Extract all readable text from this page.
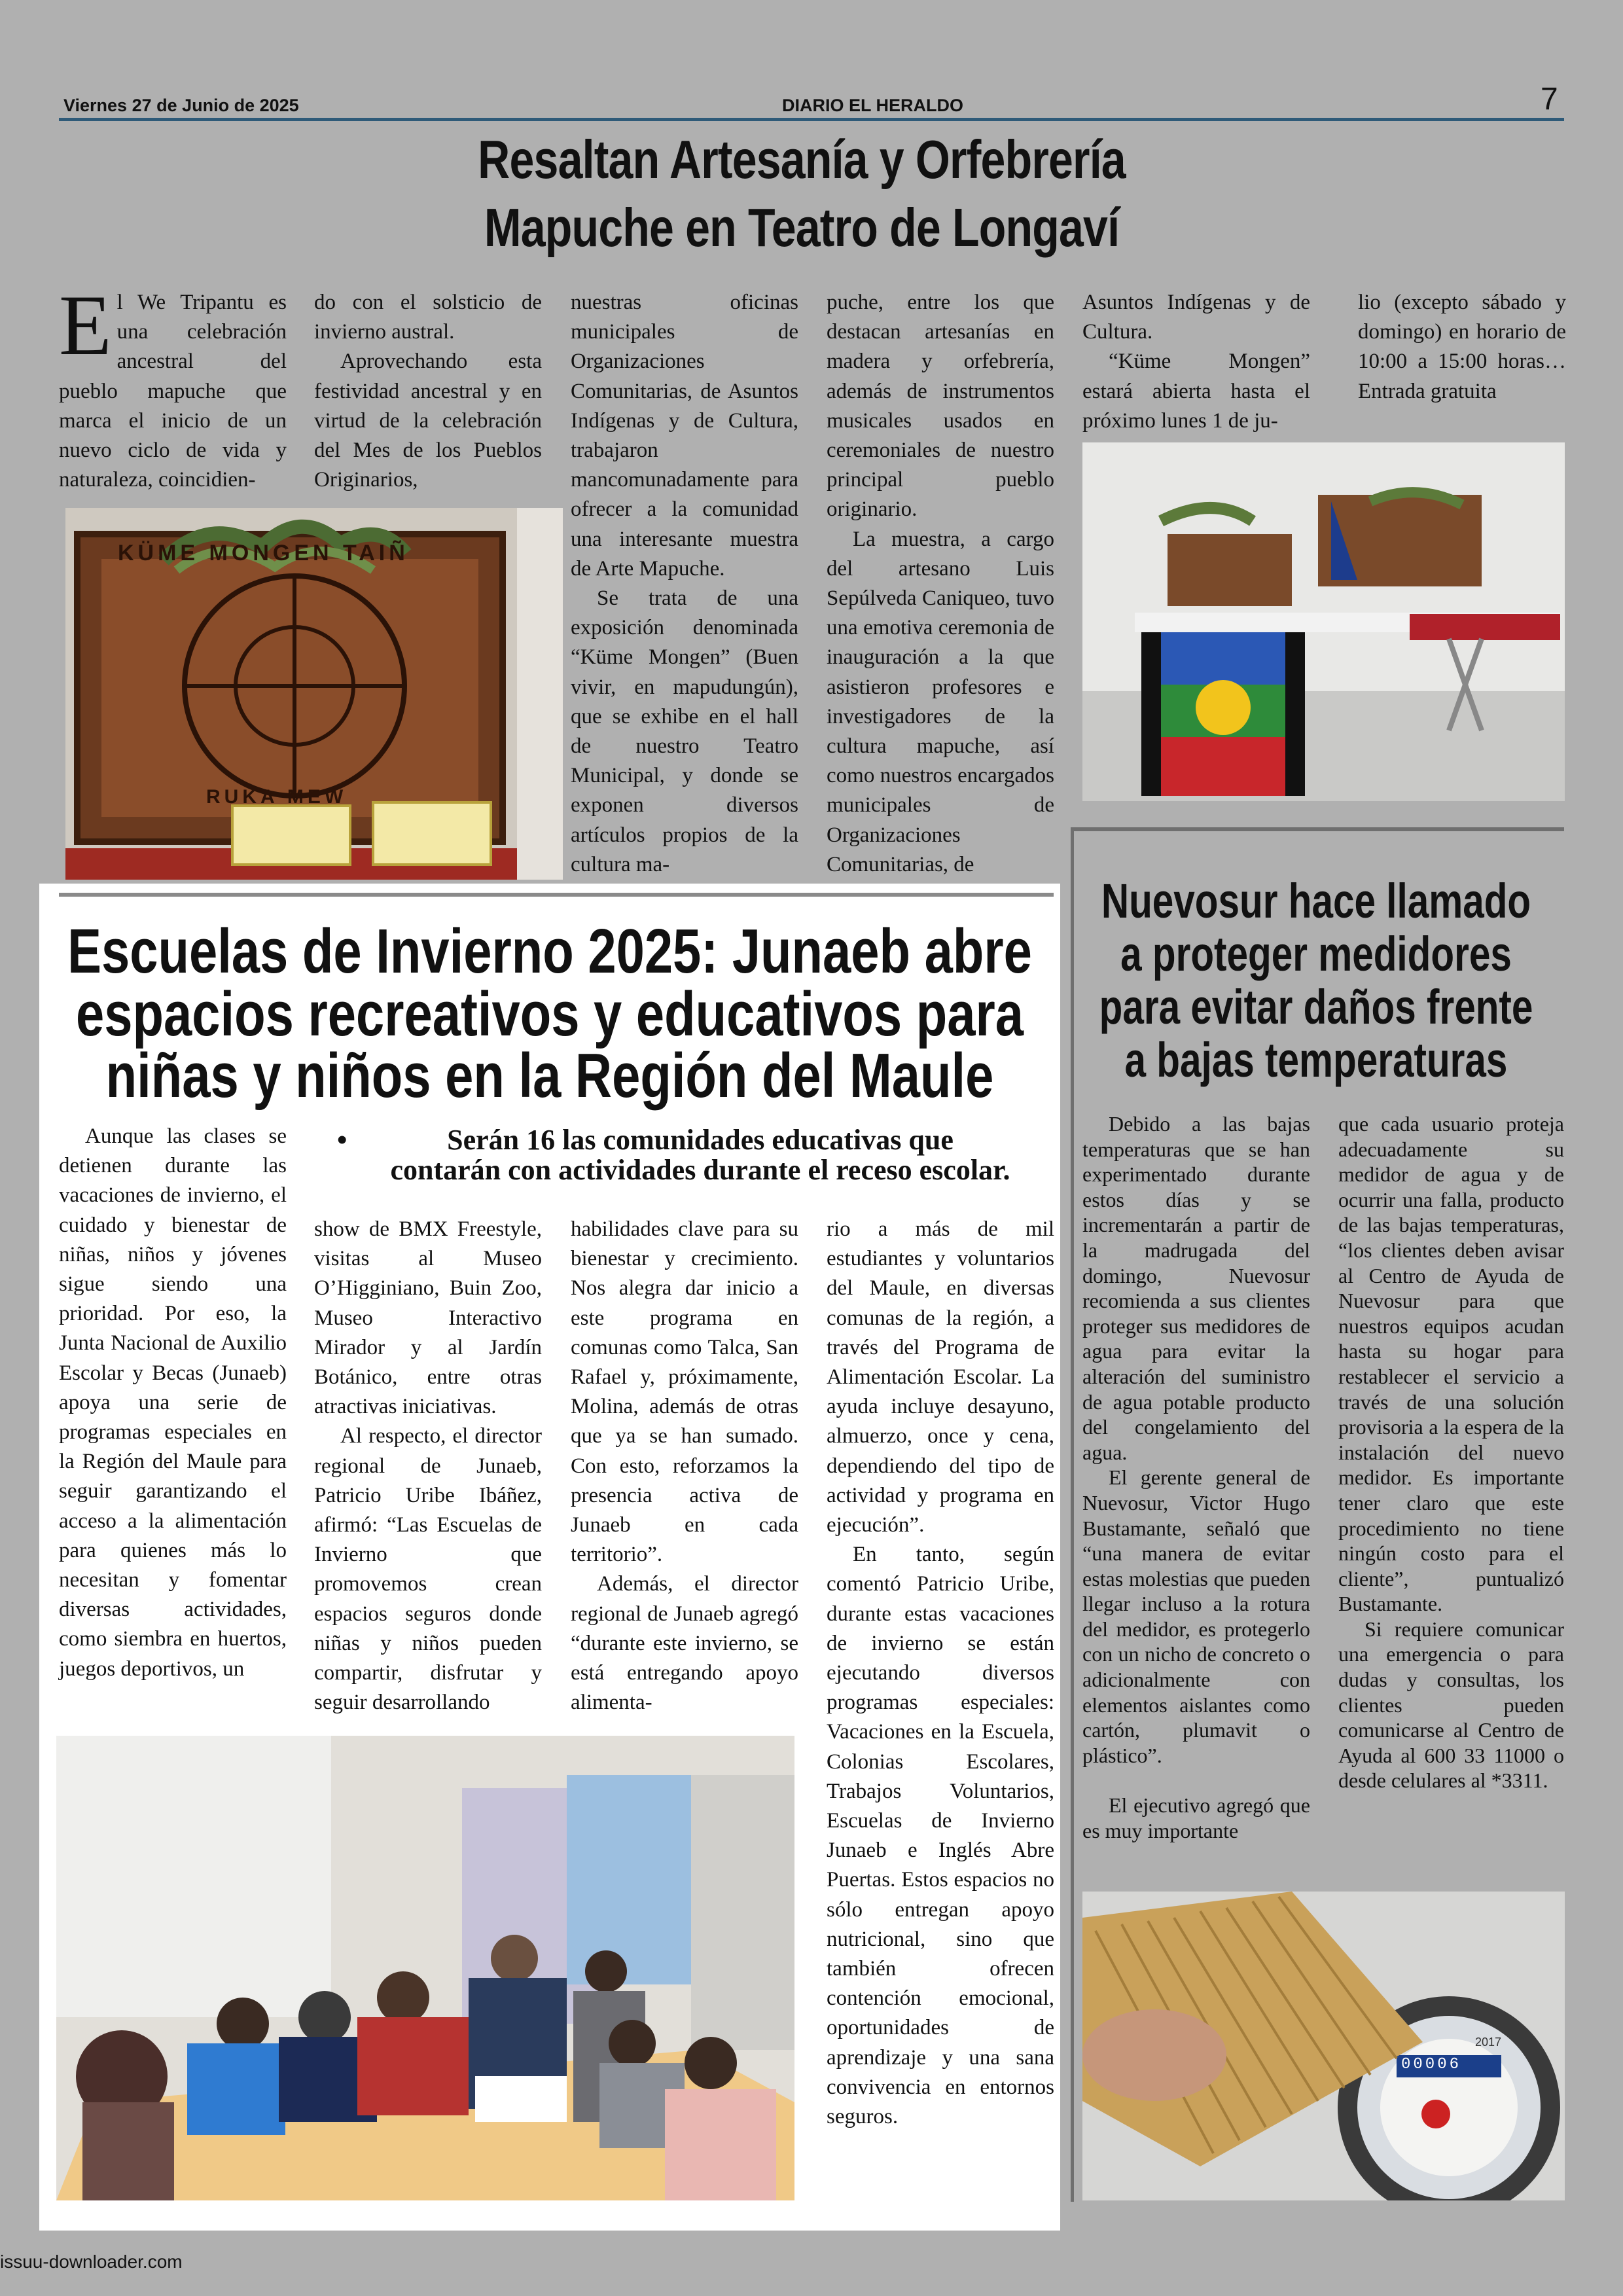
Viernes 27 de Junio de 2025	DIARIO EL HERALDO	7
Resaltan Artesanía y Orfebrería
Mapuche en Teatro de Longaví

El We Tripantu es una celebración ancestral del pueblo mapuche que marca el inicio de un nuevo ciclo de vida y naturaleza, coincidien-

do con el solsticio de invierno austral.

Aprovechando esta festividad ancestral y en virtud de la celebración del Mes de los Pueblos Originarios,

KÜME MONGEN TAIÑ
RUKA MEW

nuestras oficinas municipales de Organizaciones Comunitarias, de Asuntos Indígenas y de Cultura, trabajaron mancomunadamente para ofrecer a la comunidad una interesante muestra de Arte Mapuche.

Se trata de una exposición denominada “Küme Mongen” (Buen vivir, en mapudungún), que se exhibe en el hall de nuestro Teatro Municipal, y donde se exponen diversos artículos propios de la cultura ma-

puche, entre los que destacan artesanías en madera y orfebrería, además de instrumentos musicales usados en ceremoniales de nuestro principal pueblo originario.

La muestra, a cargo del artesano Luis Sepúlveda Caniqueo, tuvo una emotiva ceremonia de inauguración a la que asistieron profesores e investigadores de la cultura mapuche, así como nuestros encargados municipales de Organizaciones Comunitarias, de

Asuntos Indígenas y de Cultura.

“Küme Mongen” estará abierta hasta el próximo lunes 1 de ju-

lio (excepto sábado y domingo) en horario de 10:00 a 15:00 horas… Entrada gratuita

Escuelas de Invierno 2025: Junaeb abre
espacios recreativos y educativos para
niñas y niños en la Región del Maule
•	Serán 16 las comunidades educativas que
contarán con actividades durante el receso escolar.

Aunque las clases se detienen durante las vacaciones de invierno, el cuidado y bienestar de niñas, niños y jóvenes sigue siendo una prioridad. Por eso, la Junta Nacional de Auxilio Escolar y Becas (Junaeb) apoya una serie de programas especiales en la Región del Maule para seguir garantizando el acceso a la alimentación para quienes más lo necesitan y fomentar diversas actividades, como siembra en huertos, juegos deportivos, un

show de BMX Freestyle, visitas al Museo O’Higginiano, Buin Zoo, Museo Interactivo Mirador y al Jardín Botánico, entre otras atractivas iniciativas.

Al respecto, el director regional de Junaeb, Patricio Uribe Ibáñez, afirmó: “Las Escuelas de Invierno que promovemos crean espacios seguros donde niñas y niños pueden compartir, disfrutar y seguir desarrollando

habilidades clave para su bienestar y crecimiento. Nos alegra dar inicio a este programa en comunas como Talca, San Rafael y, próximamente, Molina, además de otras que ya se han sumado. Con esto, reforzamos la presencia activa de Junaeb en cada territorio”.

Además, el director regional de Junaeb agregó “durante este invierno, se está entregando apoyo alimenta-

rio a más de mil estudiantes y voluntarios del Maule, en diversas comunas de la región, a través del Programa de Alimentación Escolar. La ayuda incluye desayuno, almuerzo, once y cena, dependiendo del tipo de actividad y programa en ejecución”.

En tanto, según comentó Patricio Uribe, durante estas vacaciones de invierno se están ejecutando diversos programas especiales: Vacaciones en la Escuela, Colonias Escolares, Trabajos Voluntarios, Escuelas de Invierno Junaeb e Inglés Abre Puertas. Estos espacios no sólo entregan apoyo nutricional, sino que también ofrecen contención emocional, oportunidades de aprendizaje y una sana convivencia en entornos seguros.

Nuevosur hace llamado
a proteger medidores
para evitar daños frente
a bajas temperaturas

Debido a las bajas temperaturas que se han experimentado durante estos días y se incrementarán a partir de la madrugada del domingo, Nuevosur recomienda a sus clientes proteger sus medidores de agua para evitar la alteración del suministro de agua potable producto del congelamiento del agua.

El gerente general de Nuevosur, Victor Hugo Bustamante, señaló que “una manera de evitar estas molestias que pueden llegar incluso a la rotura del medidor, es protegerlo con un nicho de concreto o adicionalmente con elementos aislantes como cartón, plumavit o plástico”.

El ejecutivo agregó que es muy importante

que cada usuario proteja adecuadamente su medidor de agua y de ocurrir una falla, producto de las bajas temperaturas, “los clientes deben avisar al Centro de Ayuda de Nuevosur para que nuestros equipos acudan hasta su hogar para restablecer el servicio a través de una solución provisoria a la espera de la instalación del nuevo medidor. Es importante tener claro que este procedimiento no tiene ningún costo para el cliente”, puntualizó Bustamante.

Si requiere comunicar una emergencia o para dudas y consultas, los clientes pueden comunicarse al Centro de Ayuda al 600 33 11000 o desde celulares al *3311.

00006
2017
issuu-downloader.com
